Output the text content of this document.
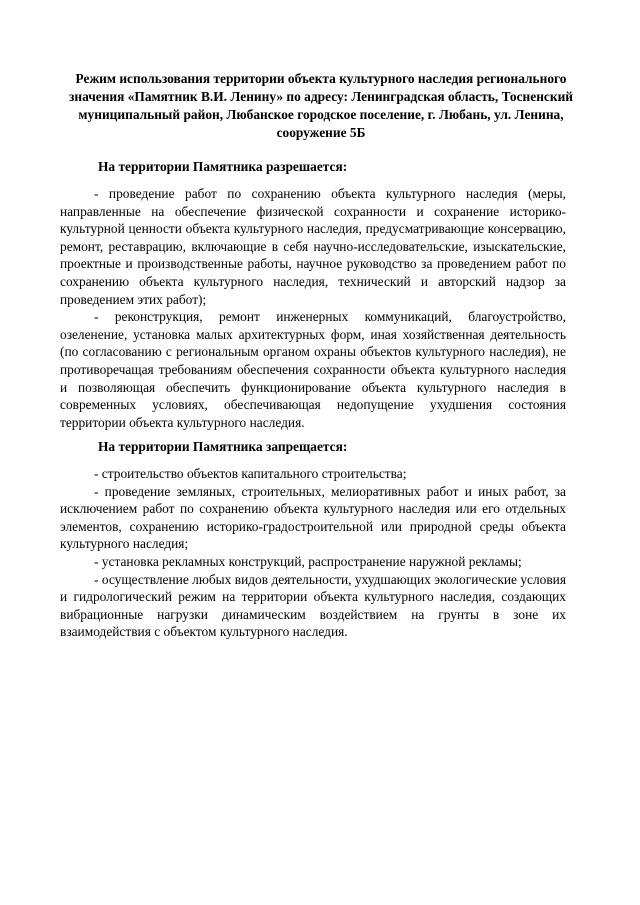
Режим использования территории объекта культурного наследия регионального значения «Памятник В.И. Ленину» по адресу: Ленинградская область, Тосненский муниципальный район, Любанское городское поселение, г. Любань, ул. Ленина, сооружение 5Б

На территории Памятника разрешается:

- проведение работ по сохранению объекта культурного наследия (меры, направленные на обеспечение физической сохранности и сохранение историко-культурной ценности объекта культурного наследия, предусматривающие консервацию, ремонт, реставрацию, включающие в себя научно-исследовательские, изыскательские, проектные и производственные работы, научное руководство за проведением работ по сохранению объекта культурного наследия, технический и авторский надзор за проведением этих работ);

- реконструкция, ремонт инженерных коммуникаций, благоустройство, озеленение, установка малых архитектурных форм, иная хозяйственная деятельность (по согласованию с региональным органом охраны объектов культурного наследия), не противоречащая требованиям обеспечения сохранности объекта культурного наследия и позволяющая обеспечить функционирование объекта культурного наследия в современных условиях, обеспечивающая недопущение ухудшения состояния территории объекта культурного наследия.

На территории Памятника запрещается:

- строительство объектов капитального строительства;

- проведение земляных, строительных, мелиоративных работ и иных работ, за исключением работ по сохранению объекта культурного наследия или его отдельных элементов, сохранению историко-градостроительной или природной среды объекта культурного наследия;

- установка рекламных конструкций, распространение наружной рекламы;

- осуществление любых видов деятельности, ухудшающих экологические условия и гидрологический режим на территории объекта культурного наследия, создающих вибрационные нагрузки динамическим воздействием на грунты в зоне их взаимодействия с объектом культурного наследия.
